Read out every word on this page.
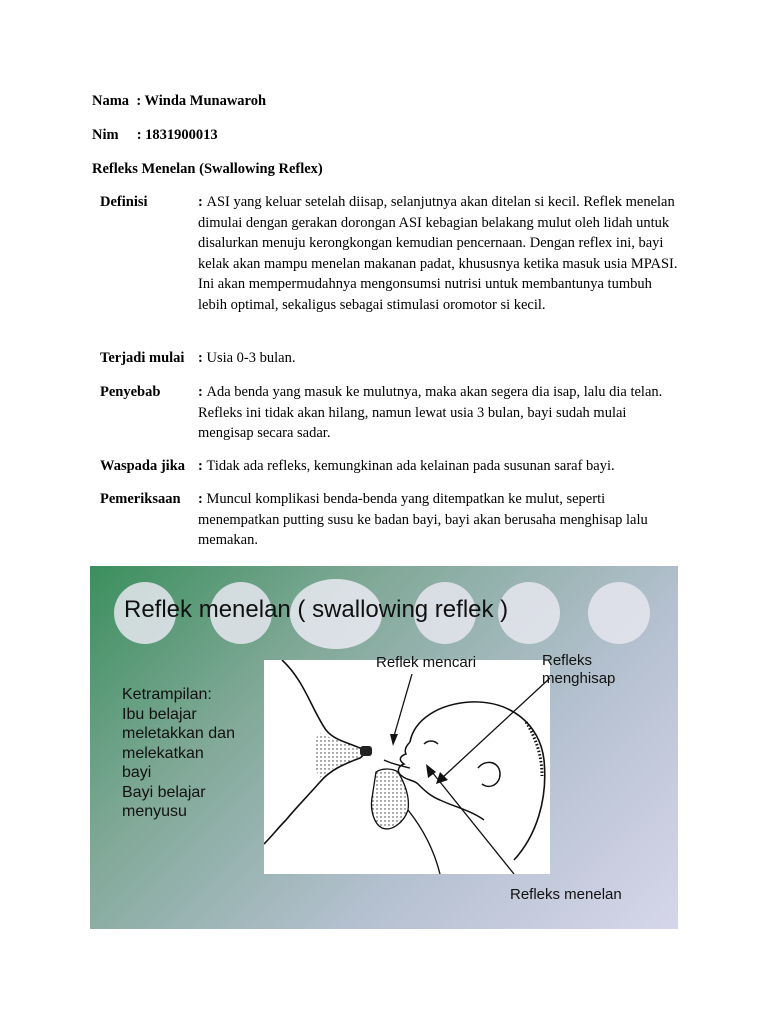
Nama : Winda Munawaroh
Nim : 1831900013
Refleks Menelan (Swallowing Reflex)
Definisi	: ASI yang keluar setelah diisap, selanjutnya akan ditelan si kecil. Reflek menelan dimulai dengan gerakan dorongan ASI kebagian belakang mulut oleh lidah untuk disalurkan menuju kerongkongan kemudian pencernaan. Dengan reflex ini, bayi kelak akan mampu menelan makanan padat, khususnya ketika masuk usia MPASI. Ini akan mempermudahnya mengonsumsi nutrisi untuk membantunya tumbuh lebih optimal, sekaligus sebagai stimulasi oromotor si kecil.
Terjadi mulai : Usia 0-3 bulan.
Penyebab	: Ada benda yang masuk ke mulutnya, maka akan segera dia isap, lalu dia telan. Refleks ini tidak akan hilang, namun lewat usia 3 bulan, bayi sudah mulai mengisap secara sadar.
Waspada jika : Tidak ada refleks, kemungkinan ada kelainan pada susunan saraf bayi.
Pemeriksaan : Muncul komplikasi benda-benda yang ditempatkan ke mulut, seperti menempatkan putting susu ke badan bayi, bayi akan berusaha menghisap lalu memakan.
Reflek menelan ( swallowing reflek )
Ketrampilan:
Ibu belajar
meletakkan dan
melekatkan
bayi
Bayi belajar
menyusu
Reflek mencari	Refleks
menghisap
Refleks menelan
